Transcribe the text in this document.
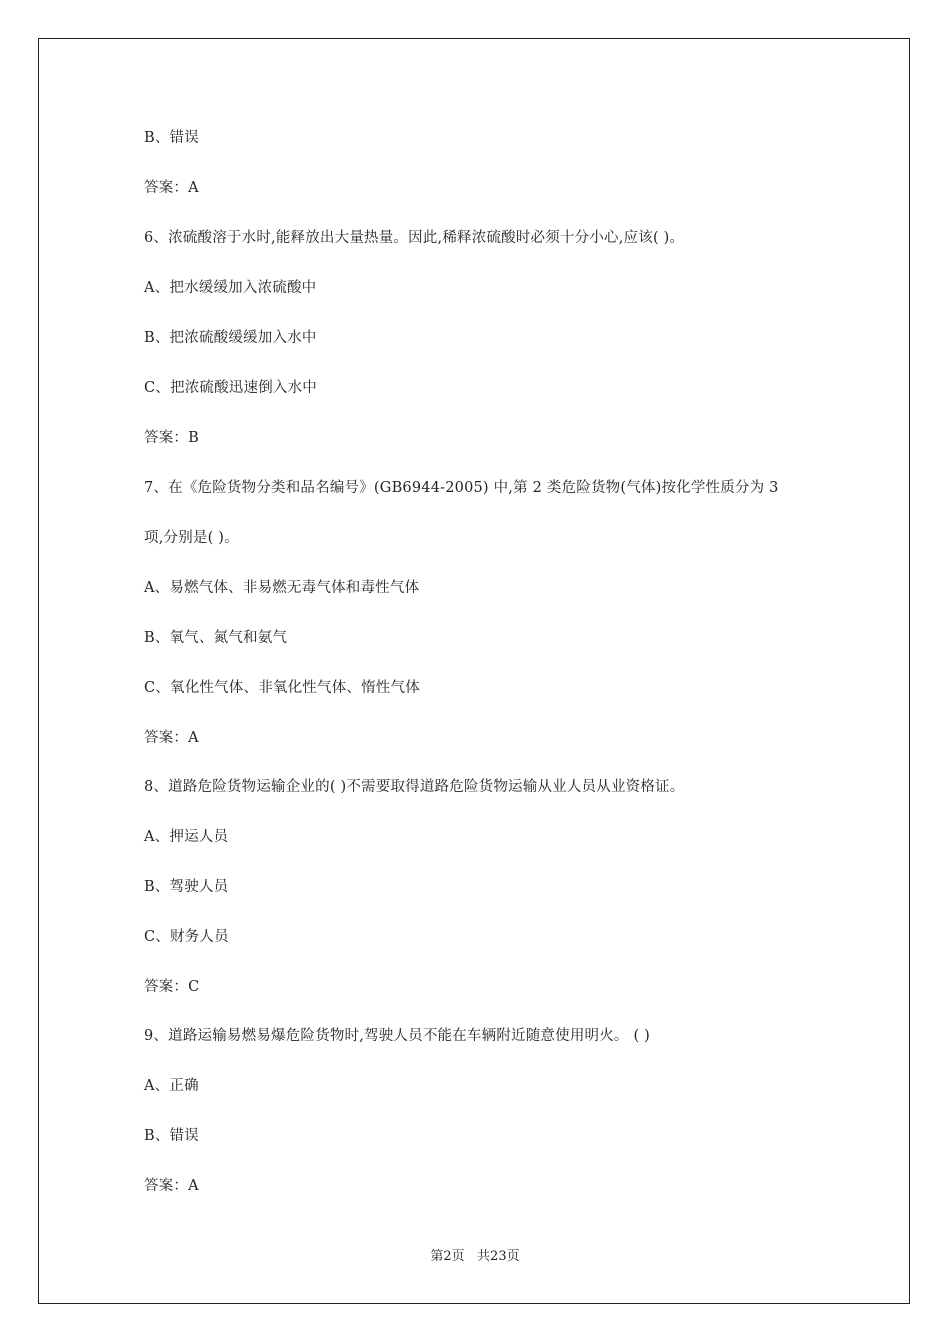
B、错误
答案：A
6、浓硫酸溶于水时,能释放出大量热量。因此,稀释浓硫酸时必须十分小心,应该( )。
A、把水缓缓加入浓硫酸中
B、把浓硫酸缓缓加入水中
C、把浓硫酸迅速倒入水中
答案：B
7、在《危险货物分类和品名编号》(GB6944-2005) 中,第 2 类危险货物(气体)按化学性质分为 3
项,分别是( )。
A、易燃气体、非易燃无毒气体和毒性气体
B、氧气、氮气和氨气
C、氧化性气体、非氧化性气体、惰性气体
答案：A
8、道路危险货物运输企业的( )不需要取得道路危险货物运输从业人员从业资格证。
A、押运人员
B、驾驶人员
C、财务人员
答案：C
9、道路运输易燃易爆危险货物时,驾驶人员不能在车辆附近随意使用明火。 ( )
A、正确
B、错误
答案：A
第2页   共23页
